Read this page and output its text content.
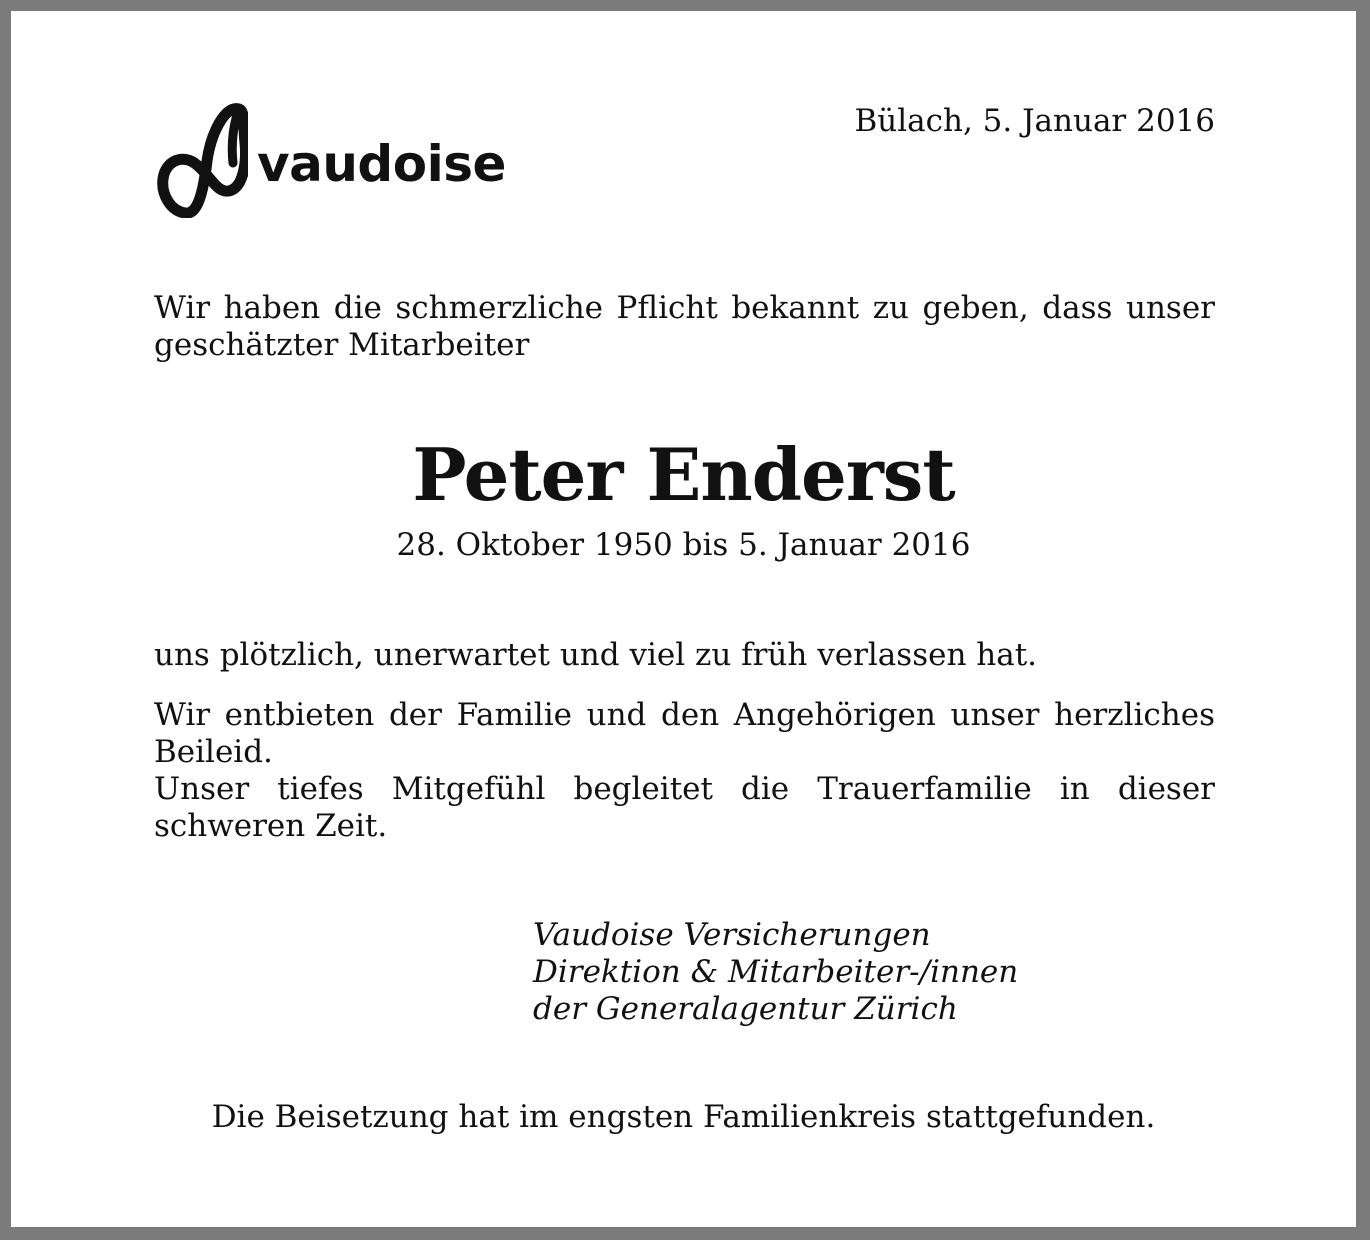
vaudoise
Bülach, 5. Januar 2016

Wir haben die schmerzliche Pflicht bekannt zu geben, dass unser geschätzter Mitarbeiter

Peter Enderst
28. Oktober 1950 bis 5. Januar 2016

uns plötzlich, unerwartet und viel zu früh verlassen hat.

Wir entbieten der Familie und den Angehörigen unser herzliches Beileid.
Unser tiefes Mitgefühl begleitet die Trauerfamilie in dieser schweren Zeit.

Vaudoise Versicherungen
Direktion & Mitarbeiter-/innen
der Generalagentur Zürich
Die Beisetzung hat im engsten Familienkreis stattgefunden.
